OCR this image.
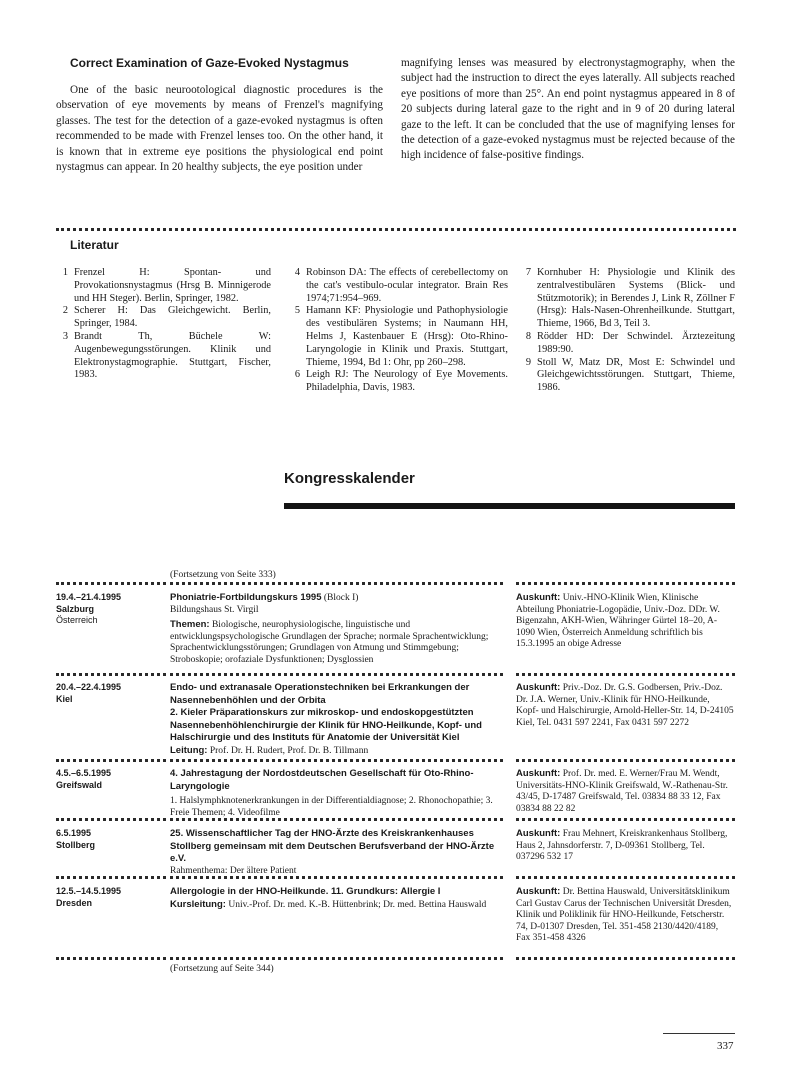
Correct Examination of Gaze-Evoked Nystagmus
One of the basic neurootological diagnostic procedures is the observation of eye movements by means of Frenzel's magnifying glasses. The test for the detection of a gaze-evoked nystagmus is often recommended to be made with Frenzel lenses too. On the other hand, it is known that in extreme eye positions the physiological end point nystagmus can appear. In 20 healthy subjects, the eye position under
magnifying lenses was measured by electronystagmography, when the subject had the instruction to direct the eyes laterally. All subjects reached eye positions of more than 25°. An end point nystagmus appeared in 8 of 20 subjects during lateral gaze to the right and in 9 of 20 during lateral gaze to the left. It can be concluded that the use of magnifying lenses for the detection of a gaze-evoked nystagmus must be rejected because of the high incidence of false-positive findings.
Literatur
1 Frenzel H: Spontan- und Provokationsnystagmus (Hrsg B. Minnigerode und HH Steger). Berlin, Springer, 1982.
2 Scherer H: Das Gleichgewicht. Berlin, Springer, 1984.
3 Brandt Th, Büchele W: Augenbewegungsstörungen. Klinik und Elektronystagmographie. Stuttgart, Fischer, 1983.
4 Robinson DA: The effects of cerebellectomy on the cat's vestibulo-ocular integrator. Brain Res 1974;71:954–969.
5 Hamann KF: Physiologie und Pathophysiologie des vestibulären Systems; in Naumann HH, Helms J, Kastenbauer E (Hrsg): Oto-Rhino-Laryngologie in Klinik und Praxis. Stuttgart, Thieme, 1994, Bd 1: Ohr, pp 260–298.
6 Leigh RJ: The Neurology of Eye Movements. Philadelphia, Davis, 1983.
7 Kornhuber H: Physiologie und Klinik des zentralvestibulären Systems (Blick- und Stützmotorik); in Berendes J, Link R, Zöllner F (Hrsg): Hals-Nasen-Ohrenheilkunde. Stuttgart, Thieme, 1966, Bd 3, Teil 3.
8 Rödder HD: Der Schwindel. Ärztezeitung 1989:90.
9 Stoll W, Matz DR, Most E: Schwindel und Gleichgewichtsstörungen. Stuttgart, Thieme, 1986.
Kongresskalender
(Fortsetzung von Seite 333)
19.4.–21.4.1995
Salzburg
Österreich
Phoniatrie-Fortbildungskurs 1995 (Block I)
Bildungshaus St. Virgil
Themen: Biologische, neurophysiologische, linguistische und entwicklungspsychologische Grundlagen der Sprache; normale Sprachentwicklung; Sprachentwicklungsstörungen; Grundlagen von Atmung und Stimmgebung; Stroboskopie; orofaziale Dysfunktionen; Dysglossien
Auskunft: Univ.-HNO-Klinik Wien, Klinische Abteilung Phoniatrie-Logopädie, Univ.-Doz. DDr. W. Bigenzahn, AKH-Wien, Währinger Gürtel 18–20, A-1090 Wien, Österreich Anmeldung schriftlich bis 15.3.1995 an obige Adresse
20.4.–22.4.1995
Kiel
Endo- und extranasale Operationstechniken bei Erkrankungen der Nasennebenhöhlen und der Orbita
2. Kieler Präparationskurs zur mikroskop- und endoskopgestützten Nasennebenhöhlenchirurgie der Klinik für HNO-Heilkunde, Kopf- und Halschirurgie und des Instituts für Anatomie der Universität Kiel
Leitung: Prof. Dr. H. Rudert, Prof. Dr. B. Tillmann
Auskunft: Priv.-Doz. Dr. G.S. Godbersen, Priv.-Doz. Dr. J.A. Werner, Univ.-Klinik für HNO-Heilkunde, Kopf- und Halschirurgie, Arnold-Heller-Str. 14, D-24105 Kiel, Tel. 0431 597 2241, Fax 0431 597 2272
4.5.–6.5.1995
Greifswald
4. Jahrestagung der Nordostdeutschen Gesellschaft für Oto-Rhino-Laryngologie
1. Halslymphknotenerkrankungen in der Differentialdiagnose; 2. Rhonochopathie; 3. Freie Themen; 4. Videofilme
Auskunft: Prof. Dr. med. E. Werner/Frau M. Wendt, Universitäts-HNO-Klinik Greifswald, W.-Rathenau-Str. 43/45, D-17487 Greifswald, Tel. 03834 88 33 12, Fax 03834 88 22 82
6.5.1995
Stollberg
25. Wissenschaftlicher Tag der HNO-Ärzte des Kreiskrankenhauses Stollberg gemeinsam mit dem Deutschen Berufsverband der HNO-Ärzte e.V.
Rahmenthema: Der ältere Patient
Auskunft: Frau Mehnert, Kreiskrankenhaus Stollberg, Haus 2, Jahnsdorferstr. 7, D-09361 Stollberg, Tel. 037296 532 17
12.5.–14.5.1995
Dresden
Allergologie in der HNO-Heilkunde. 11. Grundkurs: Allergie I
Kursleitung: Univ.-Prof. Dr. med. K.-B. Hüttenbrink; Dr. med. Bettina Hauswald
Auskunft: Dr. Bettina Hauswald, Universitätsklinikum Carl Gustav Carus der Technischen Universität Dresden, Klinik und Poliklinik für HNO-Heilkunde, Fetscherstr. 74, D-01307 Dresden, Tel. 351-458 2130/4420/4189, Fax 351-458 4326
(Fortsetzung auf Seite 344)
337
